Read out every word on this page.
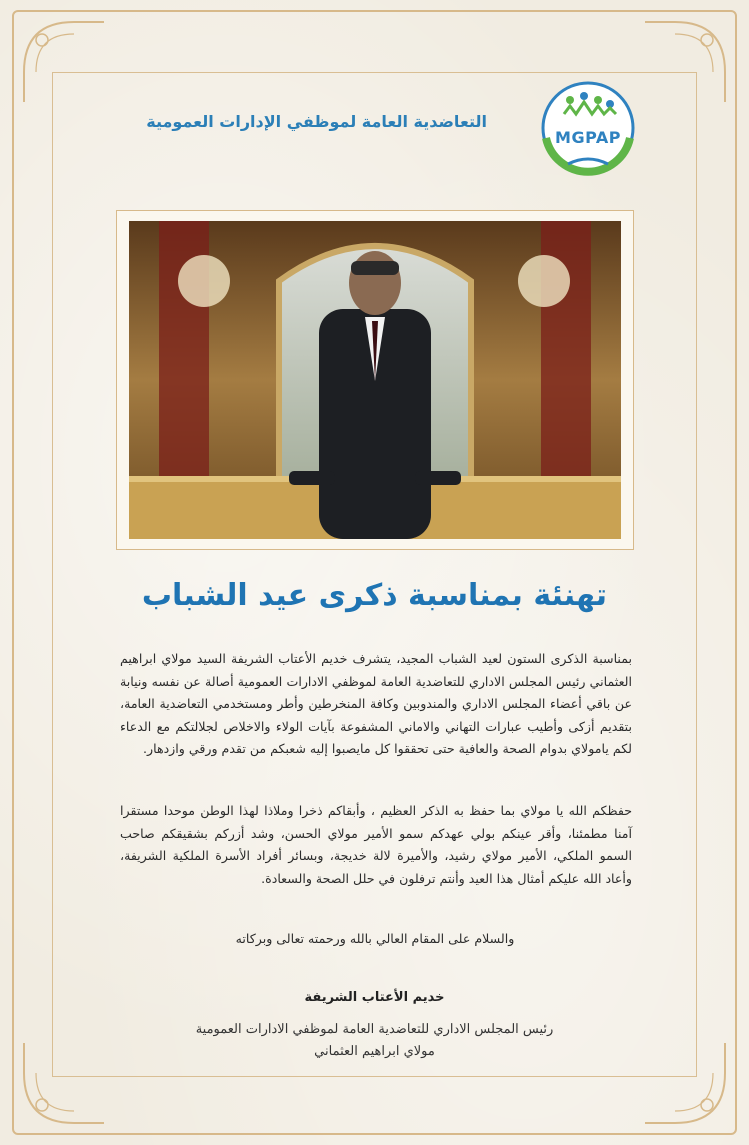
التعاضدية العامة لموظفي الإدارات العمومية
MGPAP
تهنئة بمناسبة ذكرى عيد الشباب
بمناسبة الذكرى الستون لعيد الشباب المجيد، يتشرف خديم الأعتاب الشريفة السيد مولاي ابراهيم العثماني رئيس المجلس الاداري للتعاضدية العامة لموظفي الادارات العمومية أصالة عن نفسه ونيابة عن باقي أعضاء المجلس الاداري والمندوبين وكافة المنخرطين وأطر ومستخدمي التعاضدية العامة، بتقديم أزكى وأطيب عبارات التهاني والاماني المشفوعة بآيات الولاء والاخلاص لجلالتكم مع الدعاء لكم يامولاي بدوام الصحة والعافية حتى تحققوا كل مايصبوا إليه شعبكم من تقدم ورقي وازدهار.
حفظكم الله يا مولاي بما حفظ به الذكر العظيم ، وأبقاكم ذخرا وملاذا لهذا الوطن موحدا مستقرا آمنا مطمئنا، وأقر عينكم بولي عهدكم سمو الأمير مولاي الحسن، وشد أزركم بشقيقكم صاحب السمو الملكي، الأمير مولاي رشيد، والأميرة لالة خديجة، وبسائر أفراد الأسرة الملكية الشريفة، وأعاد الله عليكم أمثال هذا العيد وأنتم ترفلون في حلل الصحة والسعادة.
والسلام على المقام العالي بالله ورحمته تعالى وبركاته
خديم الأعتاب الشريفة
رئيس المجلس الاداري للتعاضدية العامة لموظفي الادارات العمومية
مولاي ابراهيم العثماني
